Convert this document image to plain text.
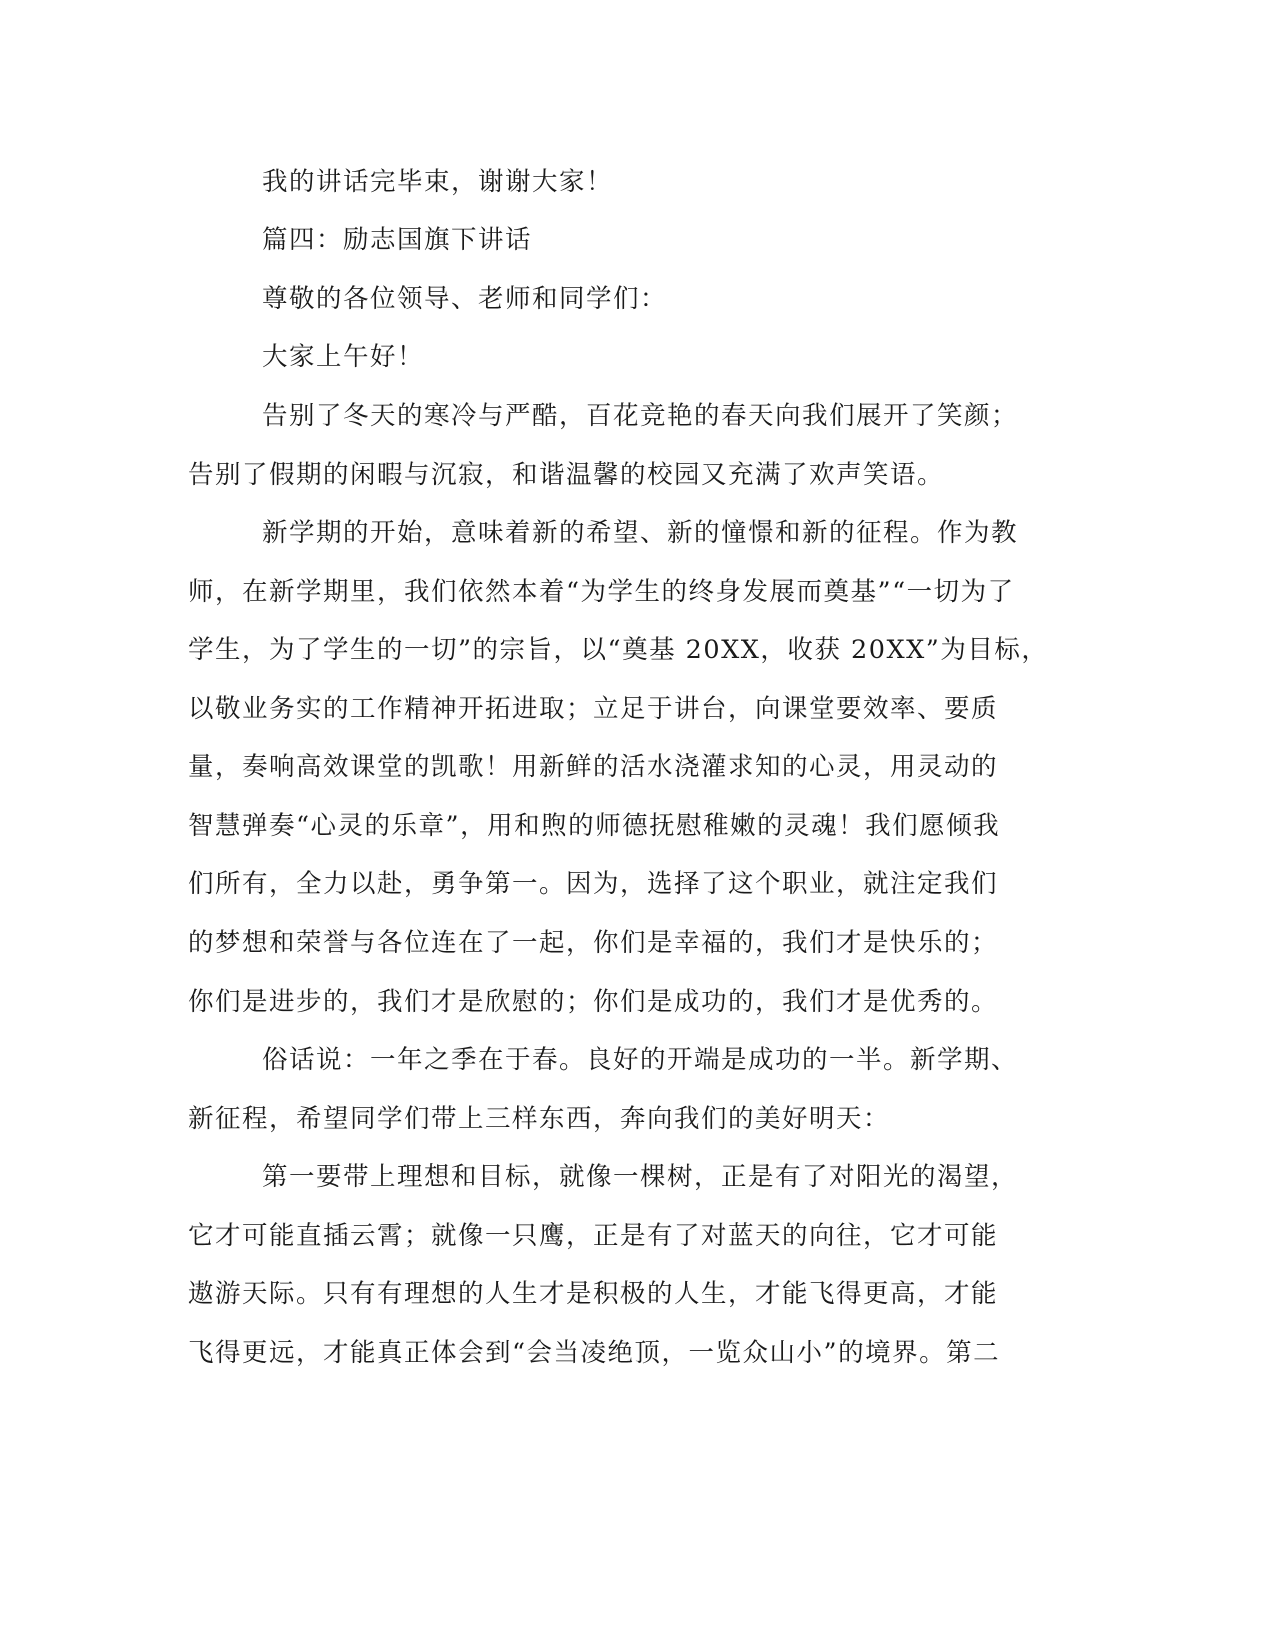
我的讲话完毕束，谢谢大家！
篇四：励志国旗下讲话
尊敬的各位领导、老师和同学们：
大家上午好！
告别了冬天的寒冷与严酷，百花竞艳的春天向我们展开了笑颜；
告别了假期的闲暇与沉寂，和谐温馨的校园又充满了欢声笑语。
新学期的开始，意味着新的希望、新的憧憬和新的征程。作为教
师，在新学期里，我们依然本着“为学生的终身发展而奠基”“一切为了
学生，为了学生的一切”的宗旨，以“奠基 20XX，收获 20XX”为目标，
以敬业务实的工作精神开拓进取；立足于讲台，向课堂要效率、要质
量，奏响高效课堂的凯歌！用新鲜的活水浇灌求知的心灵，用灵动的
智慧弹奏“心灵的乐章”，用和煦的师德抚慰稚嫩的灵魂！我们愿倾我
们所有，全力以赴，勇争第一。因为，选择了这个职业，就注定我们
的梦想和荣誉与各位连在了一起，你们是幸福的，我们才是快乐的；
你们是进步的，我们才是欣慰的；你们是成功的，我们才是优秀的。
俗话说：一年之季在于春。良好的开端是成功的一半。新学期、
新征程，希望同学们带上三样东西，奔向我们的美好明天：
第一要带上理想和目标，就像一棵树，正是有了对阳光的渴望，
它才可能直插云霄；就像一只鹰，正是有了对蓝天的向往，它才可能
遨游天际。只有有理想的人生才是积极的人生，才能飞得更高，才能
飞得更远，才能真正体会到“会当凌绝顶，一览众山小”的境界。第二
